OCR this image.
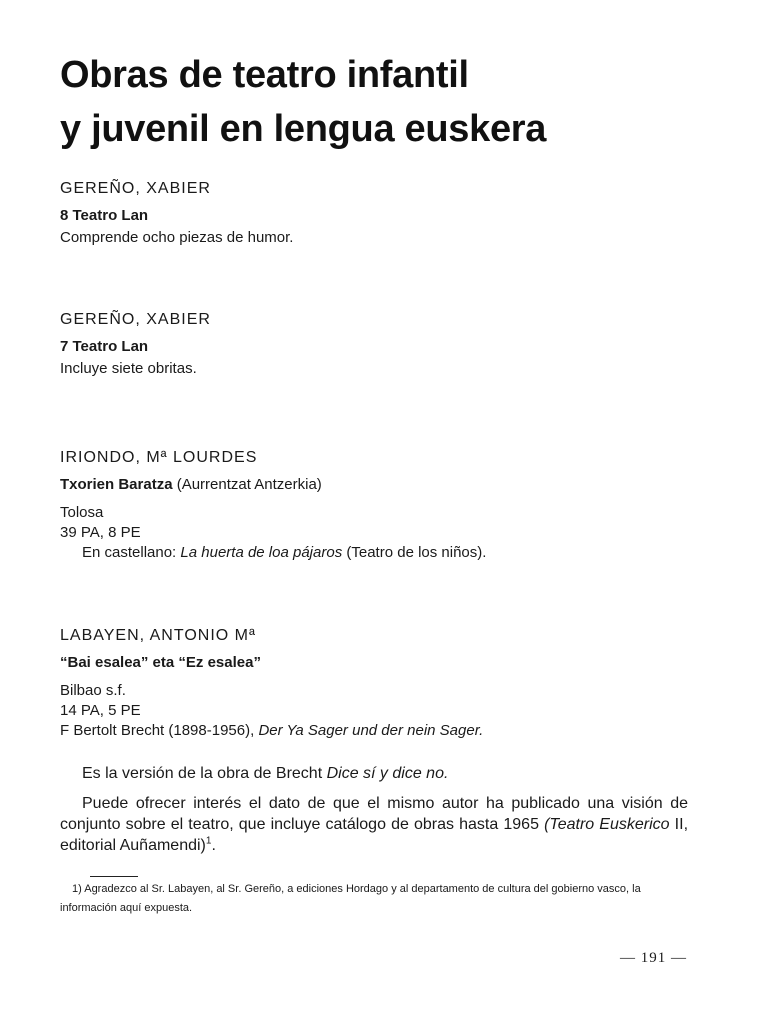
Obras de teatro infantil
y juvenil en lengua euskera

GEREÑO, XABIER

8 Teatro Lan

Comprende ocho piezas de humor.

GEREÑO, XABIER

7 Teatro Lan

Incluye siete obritas.

IRIONDO, Mª LOURDES

Txorien Baratza (Aurrentzat Antzerkia)

Tolosa

39 PA, 8 PE

En castellano: La huerta de loa pájaros (Teatro de los niños).

LABAYEN, ANTONIO Mª

“Bai esalea” eta “Ez esalea”

Bilbao s.f.

14 PA, 5 PE

F Bertolt Brecht (1898-1956), Der Ya Sager und der nein Sager.

Es la versión de la obra de Brecht Dice sí y dice no.

Puede ofrecer interés el dato de que el mismo autor ha publicado una visión de conjunto sobre el teatro, que incluye catálogo de obras hasta 1965 (Teatro Euskerico II, editorial Auñamendi)$^1$.

1) Agradezco al Sr. Labayen, al Sr. Gereño, a ediciones Hordago y al departamento de cultura del gobierno vasco, la información aquí expuesta.

— 191 —
